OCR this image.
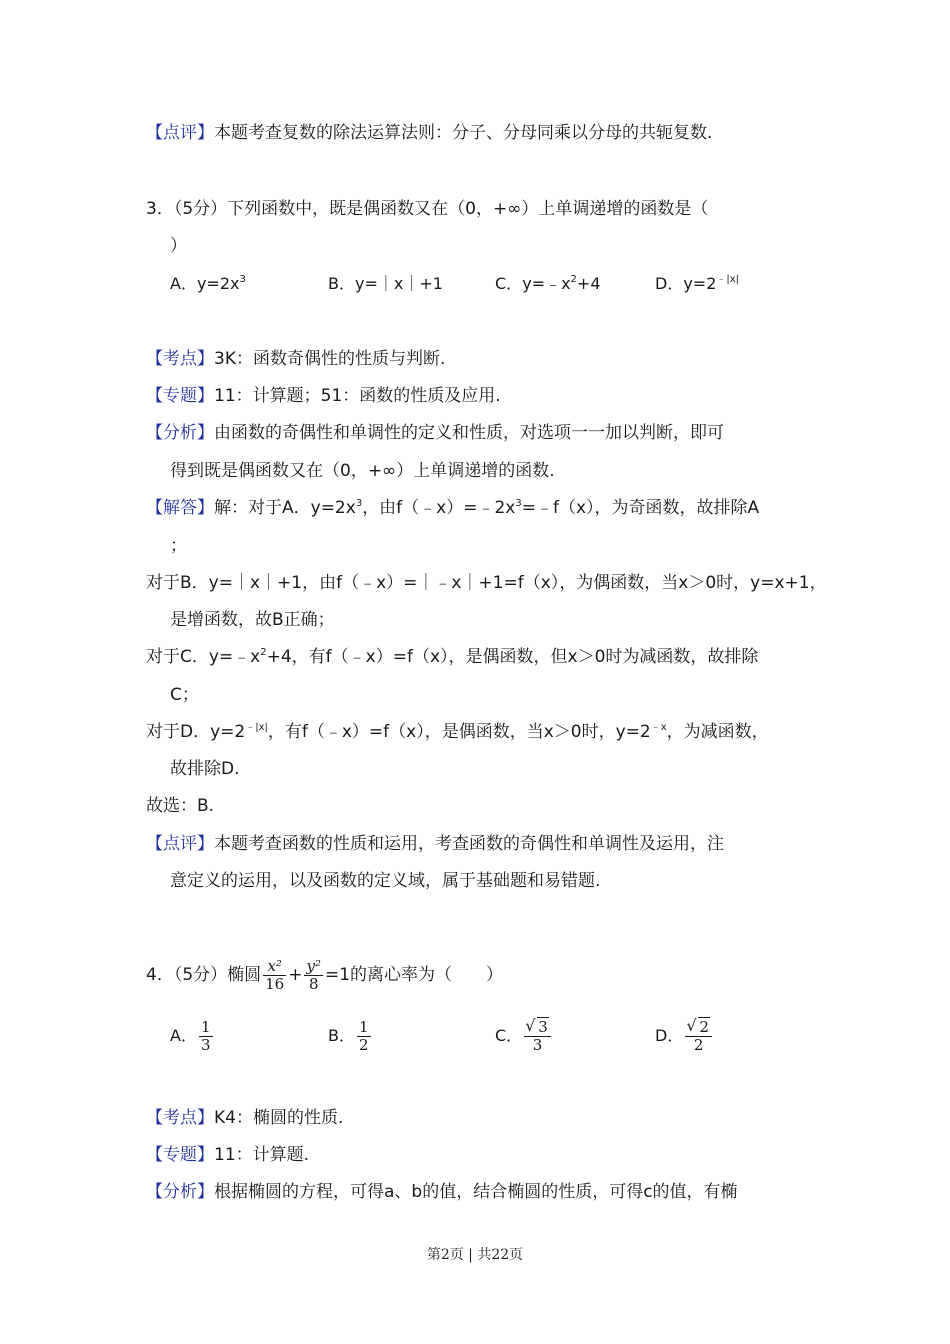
【点评】本题考查复数的除法运算法则：分子、分母同乘以分母的共轭复数.
3．（5分）下列函数中，既是偶函数又在（0，+∞）上单调递增的函数是（
）
A．$y=2x^3$	B．y=｜x｜+1	C．$y=﹣x^2+4$	D．$y=2^{﹣|x|}$
【考点】3K：函数奇偶性的性质与判断.
【专题】11：计算题；51：函数的性质及应用.
【分析】由函数的奇偶性和单调性的定义和性质，对选项一一加以判断，即可
得到既是偶函数又在（0，+∞）上单调递增的函数.
【解答】解：对于A．$y=2x^3$，由$f(﹣x)=﹣2x^3=﹣f(x)$，为奇函数，故排除A
；
对于B．y=｜x｜+1，由f（﹣x）=｜﹣x｜+1=f（x），为偶函数，当x＞0时，y=x+1，
是增函数，故B正确；
对于C．$y=﹣x^2+4$，有f（﹣x）=f（x），是偶函数，但x＞0时为减函数，故排除
C；
对于D．$y=2^{﹣|x|}$，有f（﹣x）=f（x），是偶函数，当x＞0时，$y=2^{﹣x}$，为减函数，
故排除D.
故选：B.
【点评】本题考查函数的性质和运用，考查函数的奇偶性和单调性及运用，注
意定义的运用，以及函数的定义域，属于基础题和易错题.
4．（5分）椭圆 $\frac{\text{x²}}{16} + \frac{\text{y²}}{8} =1$的离心率为（　　）
A． $\frac{1}{3}$	B． $\frac{1}{2}$	C． √ $\frac{3}{3}$	D． √ $\frac{2}{2}$
【考点】K4：椭圆的性质.
【专题】11：计算题.
【分析】根据椭圆的方程，可得a、b的值，结合椭圆的性质，可得c的值，有椭
第2页 | 共22页
